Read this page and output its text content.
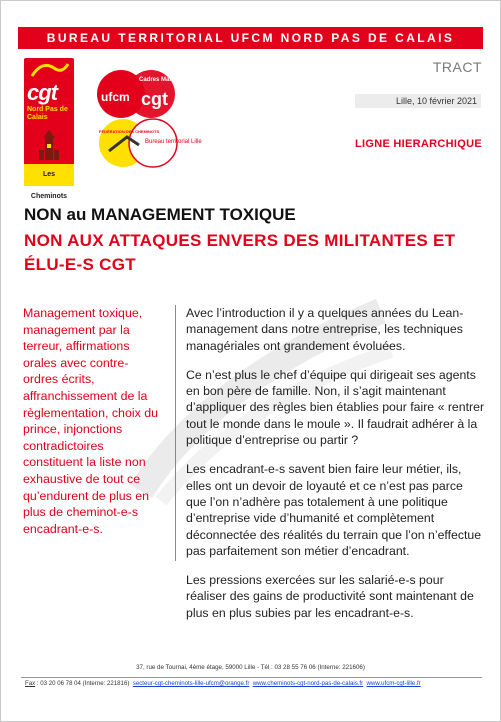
BUREAU TERRITORIAL UFCM NORD PAS DE CALAIS
cgt
Nord Pas de Calais
Les Cheminots
ufcm
Cadres Maîtrises
cgt
FÉDÉRATION DES CHEMINOTS
Bureau territorial Lille
TRACT
Lille, 10 février 2021
LIGNE HIERARCHIQUE
NON au MANAGEMENT TOXIQUE
NON AUX ATTAQUES ENVERS DES MILITANTES ET ÉLU-E-S CGT
Management toxique, management par la terreur, affirmations orales avec contre-ordres écrits, affranchissement de la règlementation, choix du prince, injonctions contradictoires constituent la liste non exhaustive de tout ce qu’endurent de plus en plus de cheminot-e-s encadrant-e-s.

Avec l’introduction il y a quelques années du Lean-management dans notre entreprise, les techniques managériales ont grandement évoluées.

Ce n’est plus le chef d’équipe qui dirigeait ses agents en bon père de famille. Non, il s’agit maintenant d’appliquer des règles bien établies pour faire « rentrer tout le monde dans le moule ». Il faudrait adhérer à la politique d’entreprise ou partir ?

Les encadrant-e-s savent bien faire leur métier, ils, elles ont un devoir de loyauté et ce n’est pas parce que l’on n’adhère pas totalement à une politique d’entreprise vide d’humanité et complètement déconnectée des réalités du terrain que l’on n’effectue pas parfaitement son métier d’encadrant.

Les pressions exercées sur les salarié-e-s pour réaliser des gains de productivité sont maintenant de plus en plus subies par les encadrant-e-s.

37, rue de Tournai, 4ème étage, 59000 Lille - Tél : 03 28 55 76 06 (Interne: 221606)
Fax : 03 20 06 78 04 (Interne: 221816) secteur-cgt-cheminots-lille-ufcm@orange.fr www.cheminots-cgt-nord-pas-de-calais.fr www.ufcm-cgt-lille.fr
